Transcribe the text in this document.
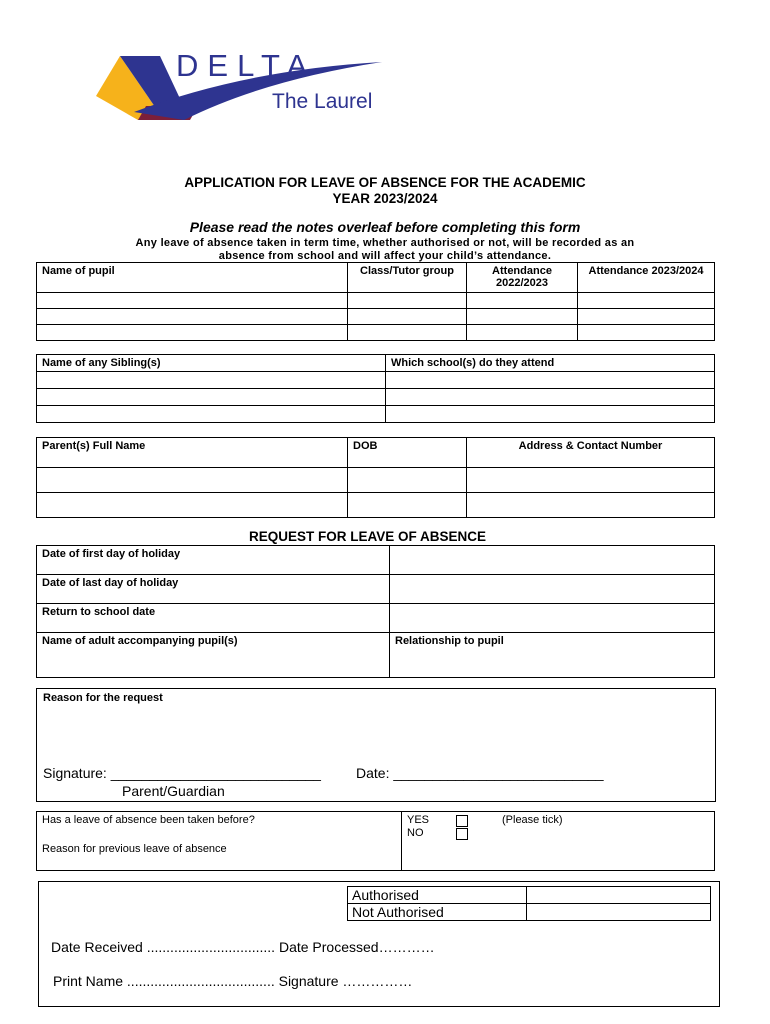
DELTA
The Laurel
APPLICATION FOR LEAVE OF ABSENCE FOR THE ACADEMIC
YEAR 2023/2024
Please read the notes overleaf before completing this form
Any leave of absence taken in term time, whether authorised or not, will be recorded as an
absence from school and will affect your child’s attendance.
Name of pupil	Class/Tutor group	Attendance 2022/2023	Attendance 2023/2024

Name of any Sibling(s)	Which school(s) do they attend

Parent(s) Full Name	DOB	Address & Contact Number

REQUEST FOR LEAVE OF ABSENCE
Date of first day of holiday	
Date of last day of holiday	
Return to school date	
Name of adult accompanying pupil(s)	Relationship to pupil
Reason for the request
Signature: ___________________________	Date: ___________________________
Parent/Guardian
Has a leave of absence been taken before?	YES
NO
(Please tick)

Reason for previous leave of absence
Authorised	
Not Authorised	
Date Received ................................. Date Processed…………
Print Name ...................................... Signature ……………
